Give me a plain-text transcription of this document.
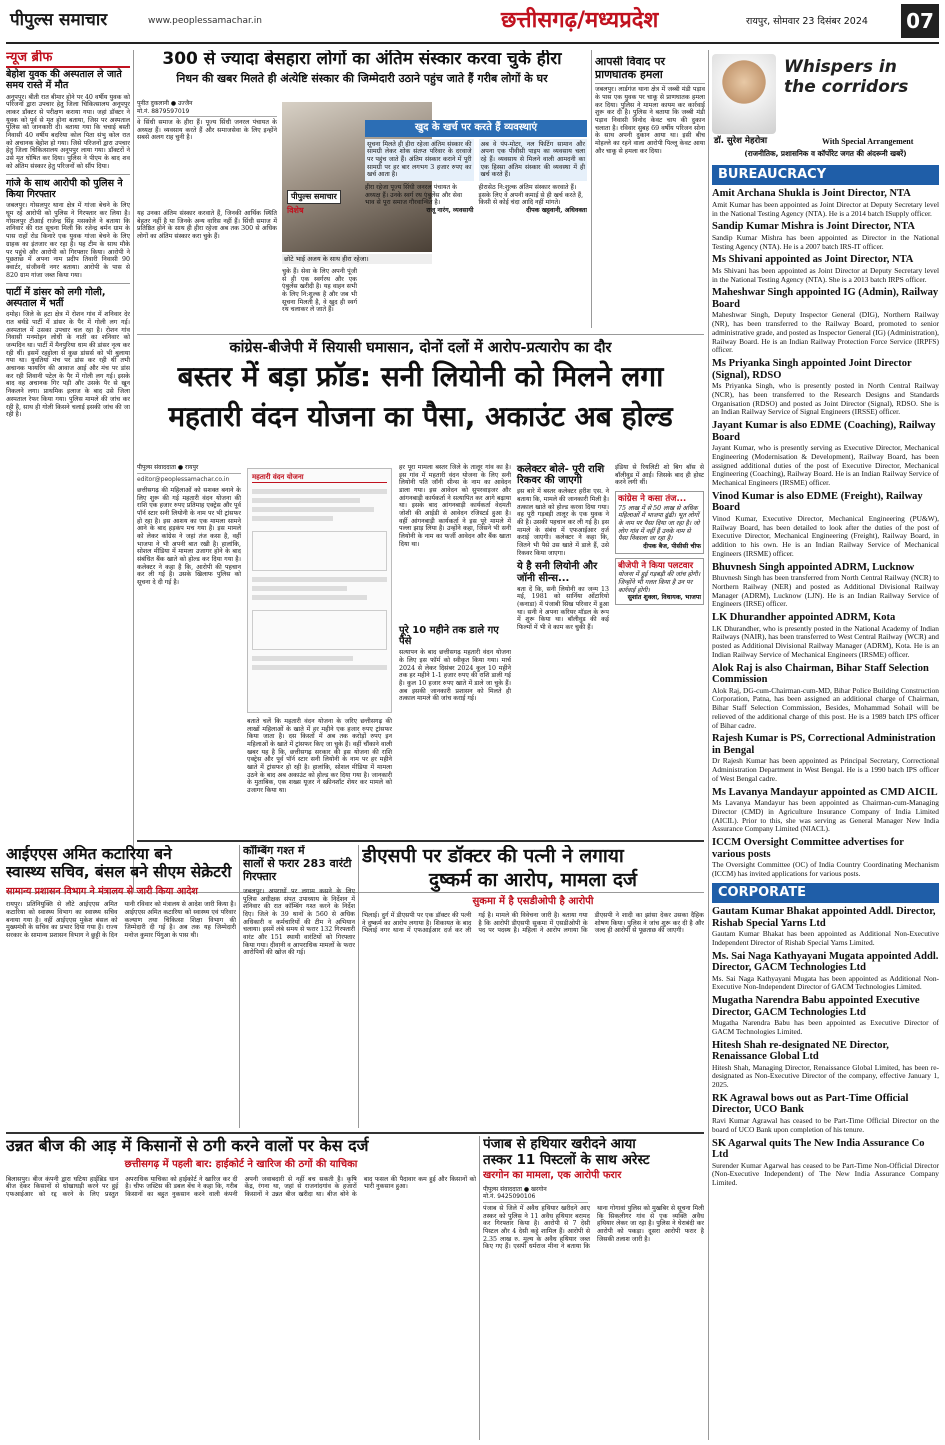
पीपुल्स समाचार	www.peoplessamachar.in	छत्तीसगढ़/मध्यप्रदेश	रायपुर, सोमवार 23 दिसंबर 2024 07
न्यूज ब्रीफ
बेहोश युवक की अस्पताल ले जाते समय रास्ते में मौत
अनूपपुर। बीती रात बीमार होने पर 40 वर्षीय युवक को परिजनों द्वारा उपचार हेतु जिला चिकित्सालय अनूपपुर लाकर डॉक्टर से परीक्षण कराया गया। जहां डॉक्टर ने युवक को पूर्व से मृत होना बताया, जिस पर अस्पताल पुलिस को जानकारी दी। बताया गया कि चचाई बस्ती निवासी 40 वर्षीय बदरिया कोल पिता संभु कोल रात को अचानक बेहोश हो गया। जिसे परिजनों द्वारा उपचार हेतु जिला चिकित्सालय अनूपपुर लाया गया। डॉक्टरों ने उसे मृत घोषित कर दिया। पुलिस ने पीएम के बाद शव को अंतिम संस्कार हेतु परिजनों को सौंप दिया।
गांजे के साथ आरोपी को पुलिस ने किया गिरफ्तार
जबलपुर। गोसलपुर थाना क्षेत्र में गांजा बेचने के लिए घूम रहे आरोपी को पुलिस ने गिरफ्तार कर लिया है। गोसलपुर टीआई राजेन्द्र सिंह मसकोले ने बताया कि शनिवार की रात सूचना मिली कि रजेन्द्र बर्मन ग्राम के पास राहों रोड किनारे एक युवक गांजा बेचने के लिए ग्राहक का इंतजार कर रहा है। यह टीम के साथ मौके पर पहुंचे और आरोपी को गिरफ्तार किया। आरोपी ने पूछताछ में अपना नाम प्रदीप तिवारी निवासी 90 क्वार्टर, संजीवनी नगर बताया। आरोपी के पास से 820 ग्राम गांजा जब्त किया गया।
पार्टी में डांसर को लगी गोली, अस्पताल में भर्ती
दमोह। जिले के हटा क्षेत्र में रोशन गांव में शनिवार देर रात बर्थडे पार्टी में डांसर के पैर में गोली लग गई। अस्पताल में उसका उपचार चल रहा है। रोशन गांव निवासी मनमोहन लोधी के नाती का शनिवार को जन्मदिन था। पार्टी में मैनपुरिया धाम की डांसर नृत्य कर रही थीं। इसमें रहट्टोला से कुछ डांसर्स को भी बुलाया गया था। युवतियां मंच पर डांस कर रही थीं तभी अचानक फायरिंग की आवाज आई और मंच पर डांस कर रही शिवानी पटेल के पैर में गोली लग गई। इसके बाद वह अचानक गिर पड़ी और उसके पैर से खून निकलने लगा। प्राथमिक इलाज के बाद उसे जिला अस्पताल रेफर किया गया। पुलिस मामले की जांच कर रही है, साथ ही गोली किसने चलाई इसकी जांच की जा रही है।
300 से ज्यादा बेसहारा लोगों का अंतिम संस्कार करवा चुके हीरा
निधन की खबर मिलते ही अंत्येष्टि संस्कार की जिम्मेदारी उठाने पहुंच जाते हैं गरीब लोगों के घर
पुनीत दुकलानी ● उज्जैन
मो.नं. 8879597019
वे सिंधी समाज के हीरा हैं। पूज्य सिंधी जनरल पंचायत के अध्यक्ष हैं। व्यवसाय करते हैं और समाजसेवा के लिए इन्होंने सबसे अलग राह चुनी है।
पीपुल्स समाचार
विशेष
छोटे भाई अजय के साथ हीरा रहेजा।
यह उनका अंतिम संस्कार करवाते हैं, जिनकी आर्थिक स्थिति बेहतर नहीं है या जिनके अन्य वारिस नहीं हैं। सिंधी समाज में प्रतिष्ठित होने के साथ ही हीरा रहेजा अब तक 300 से अधिक लोगों का अंतिम संस्कार करा चुके हैं।
चुके हैं। सेवा के लिए अपनी पूंजी से ही एक स्वर्गरथ और एक एंबुलेंस खरीदी है। यह वाहन सभी के लिए नि:शुल्क है और जब भी सूचना मिलती है, वे खुद ही स्वर्ग रथ चलाकर ले जाते हैं।
खुद के खर्च पर करते हैं व्यवस्थाएं
सूचना मिलते ही हीरा रहेजा अंतिम संस्कार की सामग्री लेकर शोक संतप्त परिवार के दरवाजे पर पहुंच जाते हैं। अंतिम संस्कार कराने में पूरी सामग्री पर हर बार लगभग 3 हजार रुपए का खर्च आता है।
अब वे पंप-मोटर, नल फिटिंग सामान और अपना एक पीवीसी पाइप का व्यवसाय चला रहे हैं। व्यवसाय से मिलने वाली आमदनी का एक हिस्सा अंतिम संस्कार की व्यवस्था में ही खर्च करते हैं।
हीरा रहेजा पूज्य सिंधी जनरल पंचायत के अध्यक्ष हैं। उनके स्वर्ग रथ एंबुलेंस और सेवा भाव से पूरा समाज गौरवान्वित है।
राजू नारंग, व्यवसायी
हीरासेठ नि:शुल्क अंतिम संस्कार करवाते हैं। इसके लिए वे अपनी कमाई से ही खर्च करते हैं, किसी से कोई चंदा आदि नहीं मांगते।
दीपक खट्टवानी, अधिवक्ता
आपसी विवाद पर प्राणघातक हमला
जबलपुर। लार्डगंज थाना क्षेत्र में जब्बी मंडी पड़ाव के पास एक युवक पर चाकू से प्राणघातक हमला कर दिया। पुलिस ने मामला कायम कर कार्रवाई शुरू कर दी है। पुलिस ने बताया कि जब्बी मंडी पड़ाव निवासी विनोद केवट चाय की दुकान चलाता है। रविवार सुबह 69 वर्षीय परिजन सोना के साथ अपनी दुकान आया था। इसी बीच मोहल्ले का रहने वाला आरोपी पिल्लू केवट आया और चाकू से हमला कर दिया।
कांग्रेस-बीजेपी में सियासी घमासान, दोनों दलों में आरोप-प्रत्यारोप का दौर
बस्तर में बड़ा फ्रॉड: सनी लियोनी को मिलने लगा
महतारी वंदन योजना का पैसा, अकाउंट अब होल्ड
पीपुल्स संवाददाता ● रायपुर
editor@peoplessamachar.co.in
छत्तीसगढ़ की महिलाओं को सशक्त बनाने के लिए शुरू की गई महतारी वंदन योजना की राशि एक हजार रुपए प्रतिमाह एक्ट्रेस और पूर्व पॉर्न स्टार सनी लियोनी के नाम पर भी ट्रांसफर हो रहा है। इस आशय का एक मामला सामने आने के बाद हड़कंप मच गया है। इस मामले को लेकर कांग्रेस ने जहां तंज कसा है, वहीं भाजपा ने भी अपनी बात रखी है। हालांकि, सोशल मीडिया में मामला उजागर होने के बाद संबंधित बैंक खाते को होल्ड कर दिया गया है। कलेक्टर ने कहा है कि, आरोपी की पहचान कर ली गई है। उसके खिलाफ पुलिस को सूचना दे दी गई है।
महतारी वंदन योजना
बताते चलें कि महतारी वंदन योजना के जरिए छत्तीसगढ़ की लाखों महिलाओं के खाते में हर महीने एक हजार रुपए ट्रांसफर किया जाता है। दस किस्तों में अब तक करोड़ों रुपए इन महिलाओं के खाते में ट्रांसफर किए जा चुके हैं। वहीं चौंकाने वाली खबर यह है कि, छत्तीसगढ़ सरकार की इस योजना की राशि एक्ट्रेस और पूर्व पॉर्न स्टार सनी लियोनी के नाम पर हर महीने खाते में ट्रांसफर हो रही है। हालांकि, सोशल मीडिया में मामला उठने के बाद अब अकाउंट को होल्ड कर दिया गया है। जानकारी के मुताबिक, एक शख्स यूजर ने स्क्रीनशॉट शेयर कर मामले को उजागर किया था।
हर पूरा मामला बस्तर जिले के तालूर गांव का है। इस गांव में महतारी वंदन योजना के लिए सनी लियोनी पति जॉनी सीन्स के नाम का आवेदन डाला गया। इस आवेदन को सुपरवाइजर और आंगनबाड़ी कार्यकर्ता ने सत्यापित कर आगे बढ़ाया था। इसके बाद आंगनबाड़ी कार्यकर्ता वेदमती जोशी की आईडी से आवेदन रजिस्टर्ड हुआ है। वहीं आंगनबाड़ी कार्यकर्ता ने इस पूरे मामले में पल्ला झाड़ लिया है। उन्होंने कहा, जिसने भी सनी लियोनी के नाम का फर्जी आवेदन और बैंक खाता दिया था।
पूरे 10 महीने तक डाले गए पैसे
सत्यापन के बाद छत्तीसगढ़ महतारी वंदन योजना के लिए इस फॉर्म को स्वीकृत किया गया। मार्च 2024 से लेकर दिसंबर 2024 कुल 10 महीने तक हर महीने 1-1 हजार रुपए की राशि डाली गई है। कुल 10 हजार रुपए खाते में डाले जा चुके हैं। अब इसकी जानकारी प्रशासन को मिलते ही तत्काल मामले की जांच कराई गई।
कलेक्टर बोले- पूरी राशि रिकवर की जाएगी
इस बारे में बस्तर कलेक्टर हरीश एस. ने बताया कि, मामले की जानकारी मिली है। तत्काल खाते को होल्ड करवा दिया गया। वह पूरी गड़बड़ी तालूर के एक युवक ने की है। उसकी पहचान कर ली गई है। इस मामले के संबंध में एफआईआर दर्ज कराई जाएगी। कलेक्टर ने कहा कि, जितने भी पैसे उस खाते में डाले हैं, उसे रिकवर किया जाएगा।
ये है सनी लियोनी और जॉनी सीन्स...
बता दें कि, सनी लियोनी का जन्म 13 मई, 1981 को सार्निया ओंटारियो (कनाडा) में पंजाबी सिख परिवार में हुआ था। सनी ने अपना करियर मॉडल के रूप में शुरू किया था। बॉलीवुड की कई फिल्मों में भी वे काम कर चुकी हैं।
इंडिया से रियलिटी शो बिग बॉस से बॉलीवुड में आईं। जिसके बाद ही होस्ट करने लगी थीं।
कांग्रेस ने कसा तंज...
75 लाख में से 50 लाख से अधिक महिलाओं में भाजपा ढूंढी। भूत लोगों के नाम पर पैसा दिया जा रहा है। जो लोग गांव में नहीं हैं उनके नाम से पैसा निकाला जा रहा है।
दीपक बैज, पीसीसी चीफ
बीजेपी ने किया पलटवार
योजना में हुई गड़बड़ी की जांच होगी। जिन्होंने भी गलत किया है उन पर कार्रवाई होगी।
सुशांत शुक्ला, विधायक, भाजपा
आईएएस अमित कटारिया बने
स्वास्थ्य सचिव, बंसल बने सीएम सेक्रेटरी
सामान्य प्रशासन विभाग ने मंत्रालय से जारी किया आदेश
रायपुर। प्रतिनियुक्ति से लौटे आईएएस अमित कटारिया को स्वास्थ्य विभाग का स्वास्थ्य सचिव बनाया गया है। वहीं आईएएस मुकेश बंसल को मुख्यमंत्री के सचिव का प्रभार दिया गया है। राज्य सरकार के सामान्य प्रशासन विभाग ने छुट्टी के दिन यानी रविवार को मंत्रालय से आदेश जारी किया है। आईएएस अमित कटारिया को स्वास्थ्य एवं परिवार कल्याण तथा चिकित्सा शिक्षा विभाग की जिम्मेदारी दी गई है। अब तक यह जिम्मेदारी मनोज कुमार पिंगुआ के पास थी।
कॉम्बिंग गश्त में
सालों से फरार 283 वारंटी गिरफ्तार
जबलपुर। अपराधों पर लगाम कसने के लिए पुलिस अधीक्षक संपत उपाध्याय के निर्देशन में शनिवार की रात कॉम्बिंग गश्त करने के निर्देश दिए। जिले के 39 थानों के 560 से अधिक अधिकारी व कर्मचारियों की टीम ने अभियान चलाया। इसमें लंबे समय से फरार 132 गिरफ्तारी वारंट और 151 स्थायी वारंटियों को गिरफ्तार किया गया। दीवानी व आपराधिक मामलों के फरार आरोपियों की खोज की गई।
डीएसपी पर डॉक्टर की पत्नी ने लगाया
दुष्कर्म का आरोप, मामला दर्ज
सुकमा में है एसडीओपी है आरोपी
भिलाई। दुर्ग में डीएसपी पर एक डॉक्टर की पत्नी ने दुष्कर्म का आरोप लगाया है। शिकायत के बाद भिलाई नगर थाना में एफआईआर दर्ज कर ली गई है। मामले की विवेचना जारी है। बताया गया है कि आरोपी डीएसपी सुकमा में एसडीओपी के पद पर पदस्थ है। महिला ने आरोप लगाया कि डीएसपी ने शादी का झांसा देकर उसका दैहिक शोषण किया। पुलिस ने जांच शुरू कर दी है और जल्द ही आरोपी से पूछताछ की जाएगी।
उन्नत बीज की आड़ में किसानों से ठगी करने वालों पर केस दर्ज
छत्तीसगढ़ में पहली बार: हाईकोर्ट ने खारिज की ठगों की याचिका
बिलासपुर। बीज कंपनी द्वारा घटिया हाईब्रिड धान बीज देकर किसानों से धोखाधड़ी करने पर हुई एफआईआर को रद्द करने के लिए प्रस्तुत अपराधिक याचिका को हाईकोर्ट ने खारिज कर दी है। चीफ जस्टिस की डबल बेंच ने कहा कि, गरीब किसानों का बहुत नुकसान करने वाली कंपनी अपनी जवाबदारी से नहीं बच सकती है। कृषि केंद्र, रंगना था, जहां से राजनांदगांव के हजारों किसानों ने उन्नत बीज खरीदा था। बीज बोने के बाद फसल की पैदावार कम हुई और किसानों को भारी नुकसान हुआ।
पंजाब से हथियार खरीदने आया
तस्कर 11 पिस्टलों के साथ अरेस्ट
खरगोन का मामला, एक आरोपी फरार
पीपुल्स संवाददाता ● खरगोन
मो.नं. 9425090106
पंजाब से जिले में अवैध हथियार खरीदने आए तस्कर को पुलिस ने 11 अवैध हथियार बरामद कर गिरफ्तार किया है। आरोपी से 7 देसी पिस्टल और 4 देसी कट्टे शामिल हैं। आरोपी से 2.35 लाख रु. मूल्य के अवैध हथियार जब्त किए गए हैं। एसपी धर्मराज मीना ने बताया कि थाना गोगावां पुलिस को मुखबिर से सूचना मिली कि सिकलीगर गांव से एक व्यक्ति अवैध हथियार लेकर जा रहा है। पुलिस ने घेराबंदी कर आरोपी को पकड़ा। दूसरा आरोपी फरार है जिसकी तलाश जारी है।
Whispers in the corridors
डॉ. सुरेश मेहरोत्रा	With Special Arrangement
(राजनीतिक, प्रशासनिक व कॉर्पोरेट जगत की अंदरूनी खबरें)
BUREAUCRACY
Amit Archana Shukla is Joint Director, NTA
Amit Kumar has been appointed as Joint Director at Deputy Secretary level in the National Testing Agency (NTA). He is a 2014 batch ISupply officer.
Sandip Kumar Mishra is Joint Director, NTA
Sandip Kumar Mishra has been appointed as Director in the National Testing Agency (NTA). He is a 2007 batch IRS-IT officer.
Ms Shivani appointed as Joint Director, NTA
Ms Shivani has been appointed as Joint Director at Deputy Secretary level in the National Testing Agency (NTA). She is a 2013 batch IRPS officer.
Maheshwar Singh appointed IG (Admin), Railway Board
Maheshwar Singh, Deputy Inspector General (DIG), Northern Railway (NR), has been transferred to the Railway Board, promoted to senior administrative grade, and posted as Inspector General (IG) (Administration), Railway Board. He is an Indian Railway Protection Force Service (IRPFS) officer.
Ms Priyanka Singh appointed Joint Director (Signal), RDSO
Ms Priyanka Singh, who is presently posted in North Central Railway (NCR), has been transferred to the Research Designs and Standards Organisation (RDSO) and posted as Joint Director (Signal), RDSO. She is an Indian Railway Service of Signal Engineers (IRSSE) officer.
Jayant Kumar is also EDME (Coaching), Railway Board
Jayant Kumar, who is presently serving as Executive Director, Mechanical Engineering (Modernisation & Development), Railway Board, has been assigned additional duties of the post of Executive Director, Mechanical Engineering (Coaching), Railway Board. He is an Indian Railway Service of Mechanical Engineers (IRSME) officer.
Vinod Kumar is also EDME (Freight), Railway Board
Vinod Kumar, Executive Director, Mechanical Engineering (PU&W), Railway Board, has been detailed to look after the duties of the post of Executive Director, Mechanical Engineering (Freight), Railway Board, in addition to his own. He is an Indian Railway Service of Mechanical Engineers (IRSME) officer.
Bhuvnesh Singh appointed ADRM, Lucknow
Bhuvnesh Singh has been transferred from North Central Railway (NCR) to Northern Railway (NER) and posted as Additional Divisional Railway Manager (ADRM), Lucknow (LJN). He is an Indian Railway Service of Engineers (IRSE) officer.
LK Dhurandher appointed ADRM, Kota
LK Dhurandher, who is presently posted in the National Academy of Indian Railways (NAIR), has been transferred to West Central Railway (WCR) and posted as Additional Divisional Railway Manager (ADRM), Kota. He is an Indian Railway Service of Mechanical Engineers (IRSME) officer.
Alok Raj is also Chairman, Bihar Staff Selection Commission
Alok Raj, DG-cum-Chairman-cum-MD, Bihar Police Building Construction Corporation, Patna, has been assigned an additional charge of Chairman, Bihar Staff Selection Commission, Besides, Mohammad Sohail will be relieved of the additional charge of this post. He is a 1989 batch IPS officer of Bihar cadre.
Rajesh Kumar is PS, Correctional Administration in Bengal
Dr Rajesh Kumar has been appointed as Principal Secretary, Correctional Administration Department in West Bengal. He is a 1990 batch IPS officer of West Bengal cadre.
Ms Lavanya Mandayur appointed as CMD AICIL
Ms Lavanya Mandayur has been appointed as Chairman-cum-Managing Director (CMD) in Agriculture Insurance Company of India Limited (AICIL). Prior to this, she was serving as General Manager New India Assurance Company Limited (NIACL).
ICCM Oversight Committee advertises for various posts
The Oversight Committee (OC) of India Country Coordinating Mechanism (ICCM) has invited applications for various posts.
CORPORATE
Gautam Kumar Bhakat appointed Addl. Director, Rishab Special Yarns Ltd
Gautam Kumar Bhakat has been appointed as Additional Non-Executive Independent Director of Rishab Special Yarns Limited.
Ms. Sai Naga Kathyayani Mugata appointed Addl. Director, GACM Technologies Ltd
Ms. Sai Naga Kathyayani Mugata has been appointed as Additional Non-Executive Non-Independent Director of GACM Technologies Limited.
Mugatha Narendra Babu appointed Executive Director, GACM Technologies Ltd
Mugatha Narendra Babu has been appointed as Executive Director of GACM Technologies Limited.
Hitesh Shah re-designated NE Director, Renaissance Global Ltd
Hitesh Shah, Managing Director, Renaissance Global Limited, has been re-designated as Non-Executive Director of the company, effective January 1, 2025.
RK Agrawal bows out as Part-Time Official Director, UCO Bank
Ravi Kumar Agrawal has ceased to be Part-Time Official Director on the board of UCO Bank upon completion of his tenure.
SK Agarwal quits The New India Assurance Co Ltd
Surender Kumar Agarwal has ceased to be Part-Time Non-Official Director (Non-Executive Independent) of The New India Assurance Company Limited.
